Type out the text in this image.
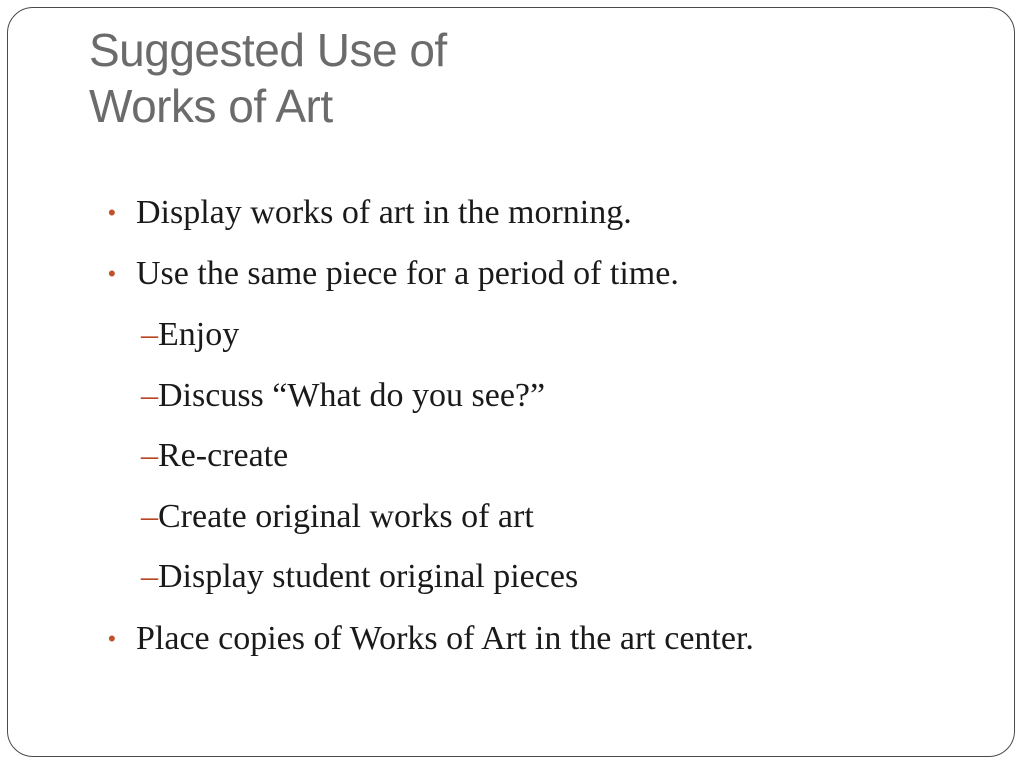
Suggested Use of
Works of Art
• Display works of art in the morning.
• Use the same piece for a period of time.
–Enjoy
–Discuss “What do you see?”
–Re-create
–Create original works of art
–Display student original pieces
• Place copies of Works of Art in the art center.
